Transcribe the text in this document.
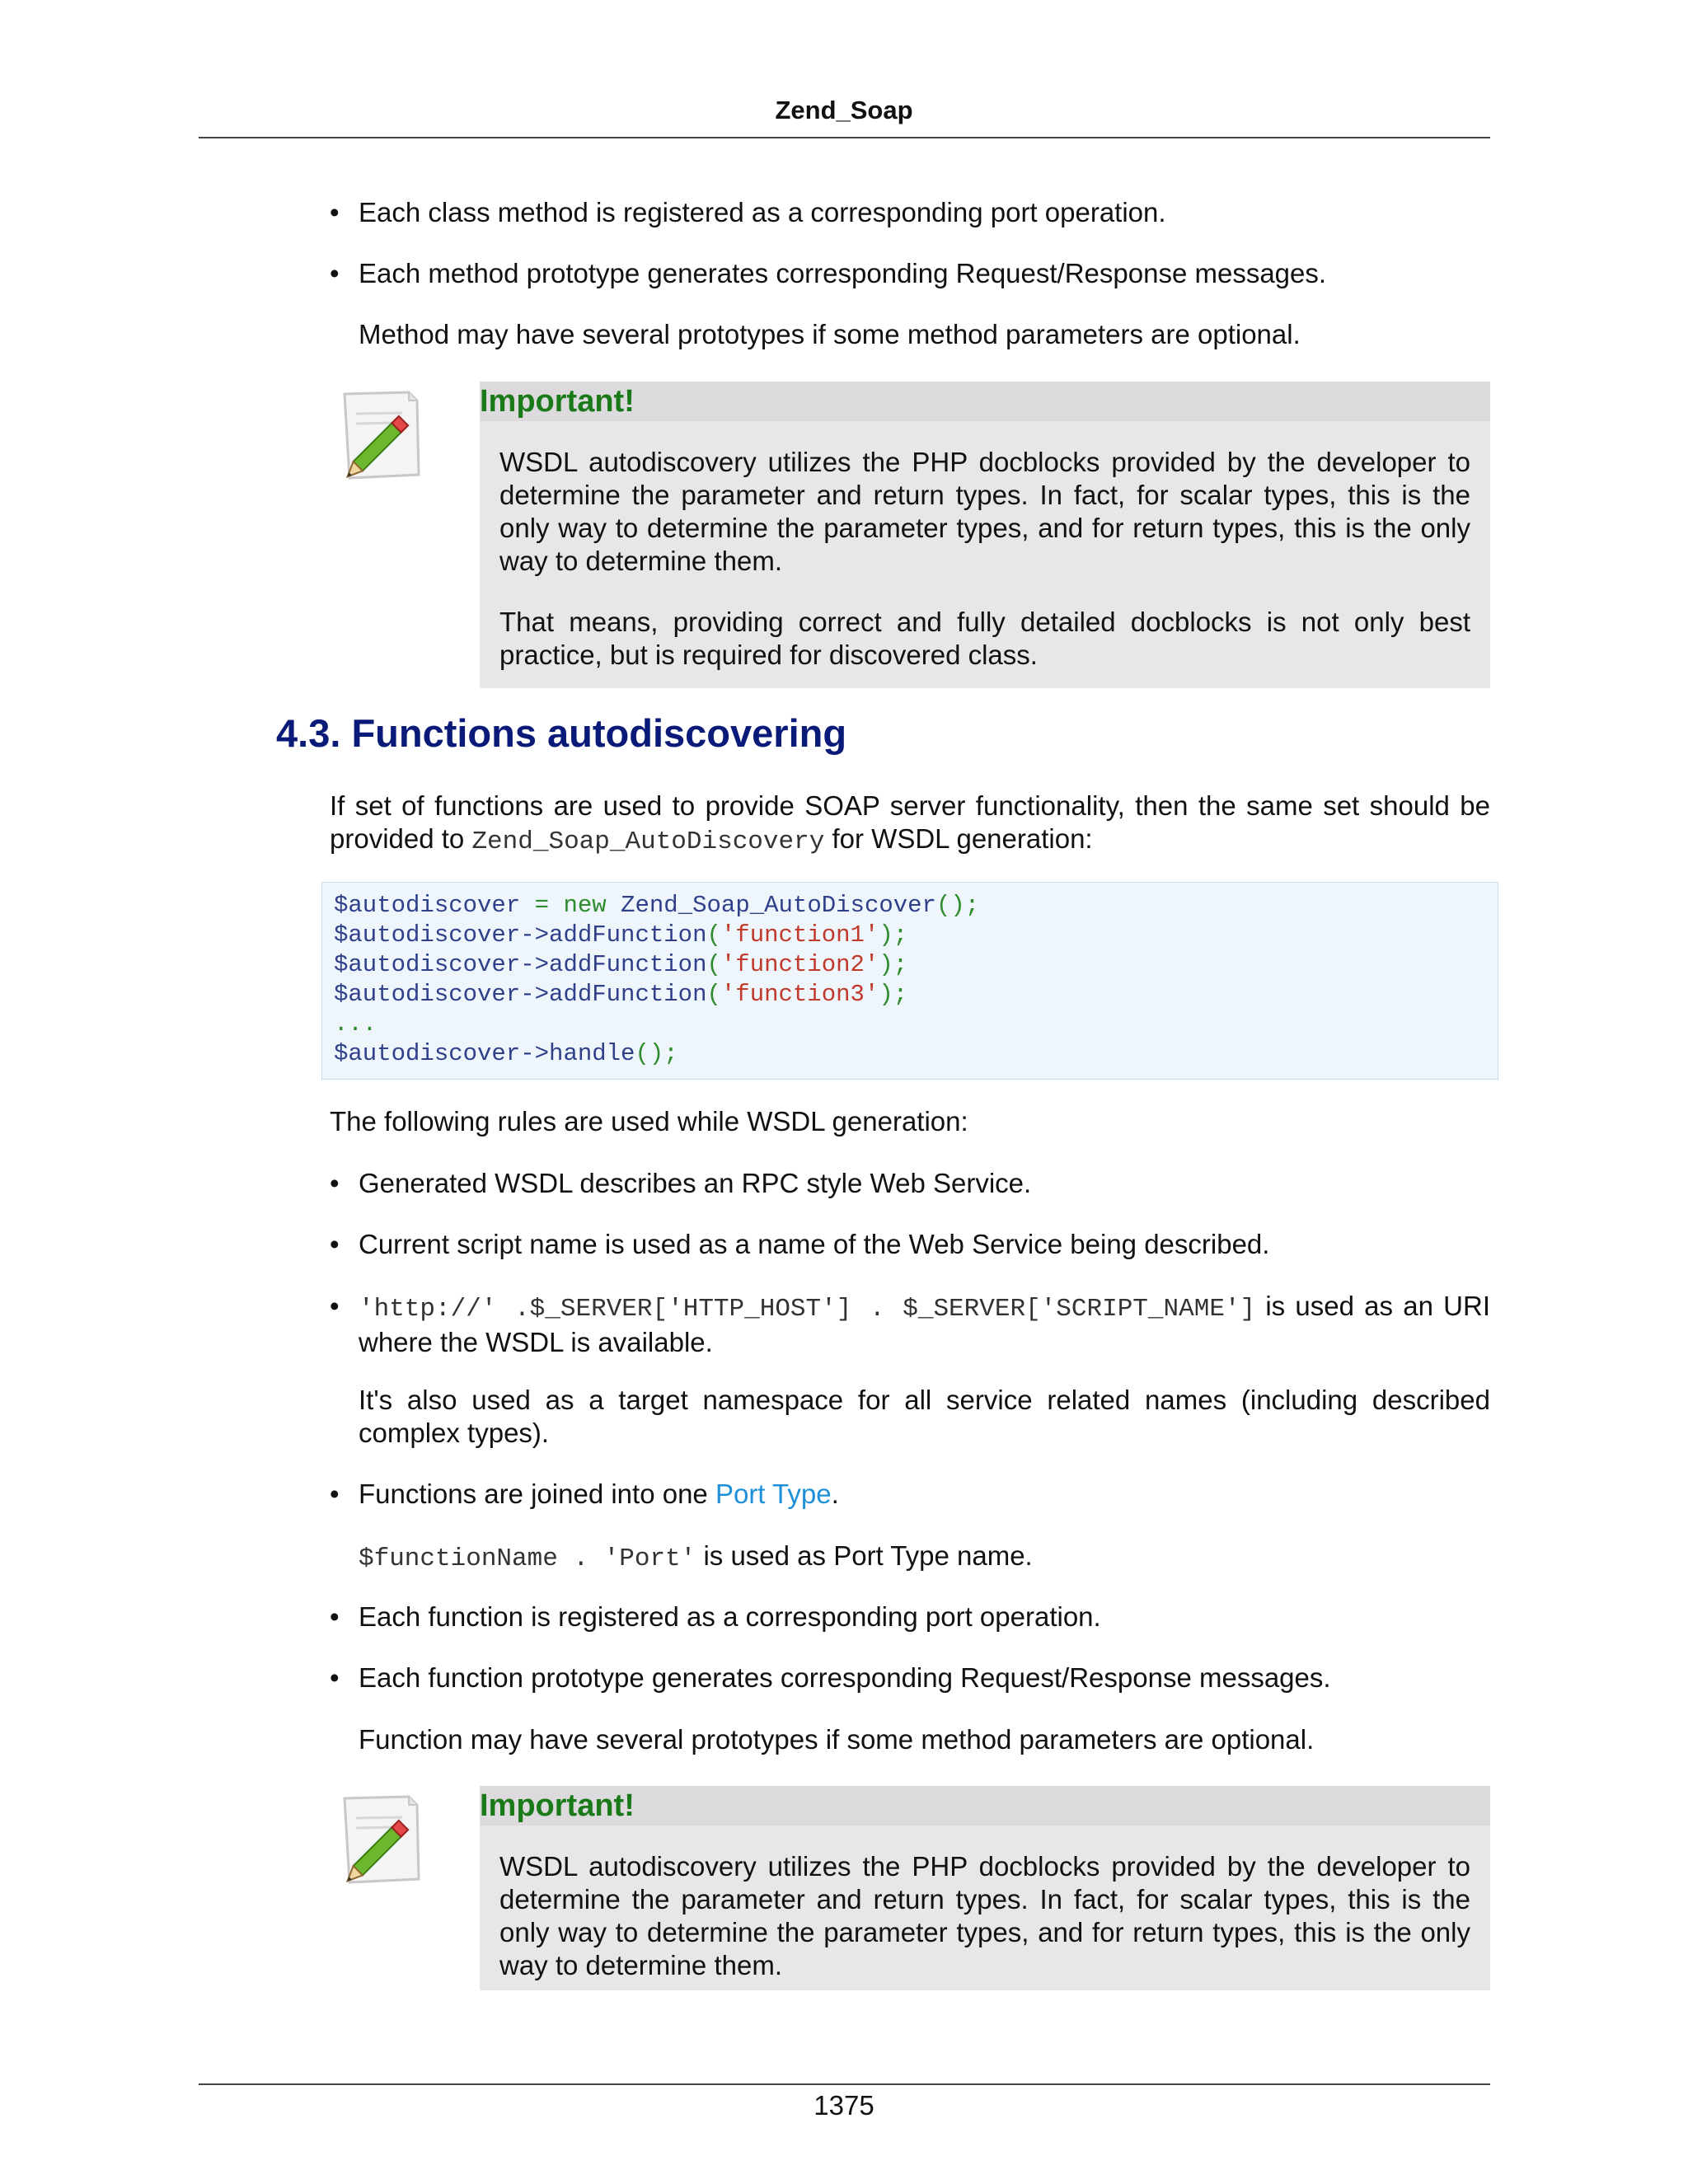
Zend_Soap
• Each class method is registered as a corresponding port operation.
• Each method prototype generates corresponding Request/Response messages.
Method may have several prototypes if some method parameters are optional.
Important!

WSDL autodiscovery utilizes the PHP docblocks provided by the developer to determine the parameter and return types. In fact, for scalar types, this is the only way to determine the parameter types, and for return types, this is the only way to determine them.

That means, providing correct and fully detailed docblocks is not only best practice, but is required for discovered class.

4.3. Functions autodiscovering
If set of functions are used to provide SOAP server functionality, then the same set should be provided to Zend_Soap_AutoDiscovery for WSDL generation:
$autodiscover = new Zend_Soap_AutoDiscover();
$autodiscover->addFunction('function1');
$autodiscover->addFunction('function2');
$autodiscover->addFunction('function3');
...
$autodiscover->handle();
The following rules are used while WSDL generation:
• Generated WSDL describes an RPC style Web Service.
• Current script name is used as a name of the Web Service being described.
• 'http://' .$_SERVER['HTTP_HOST'] . $_SERVER['SCRIPT_NAME'] is used as an URI where the WSDL is available.
It's also used as a target namespace for all service related names (including described complex types).
• Functions are joined into one Port Type.
$functionName . 'Port' is used as Port Type name.
• Each function is registered as a corresponding port operation.
• Each function prototype generates corresponding Request/Response messages.
Function may have several prototypes if some method parameters are optional.
Important!

WSDL autodiscovery utilizes the PHP docblocks provided by the developer to determine the parameter and return types. In fact, for scalar types, this is the only way to determine the parameter types, and for return types, this is the only way to determine them.

1375
